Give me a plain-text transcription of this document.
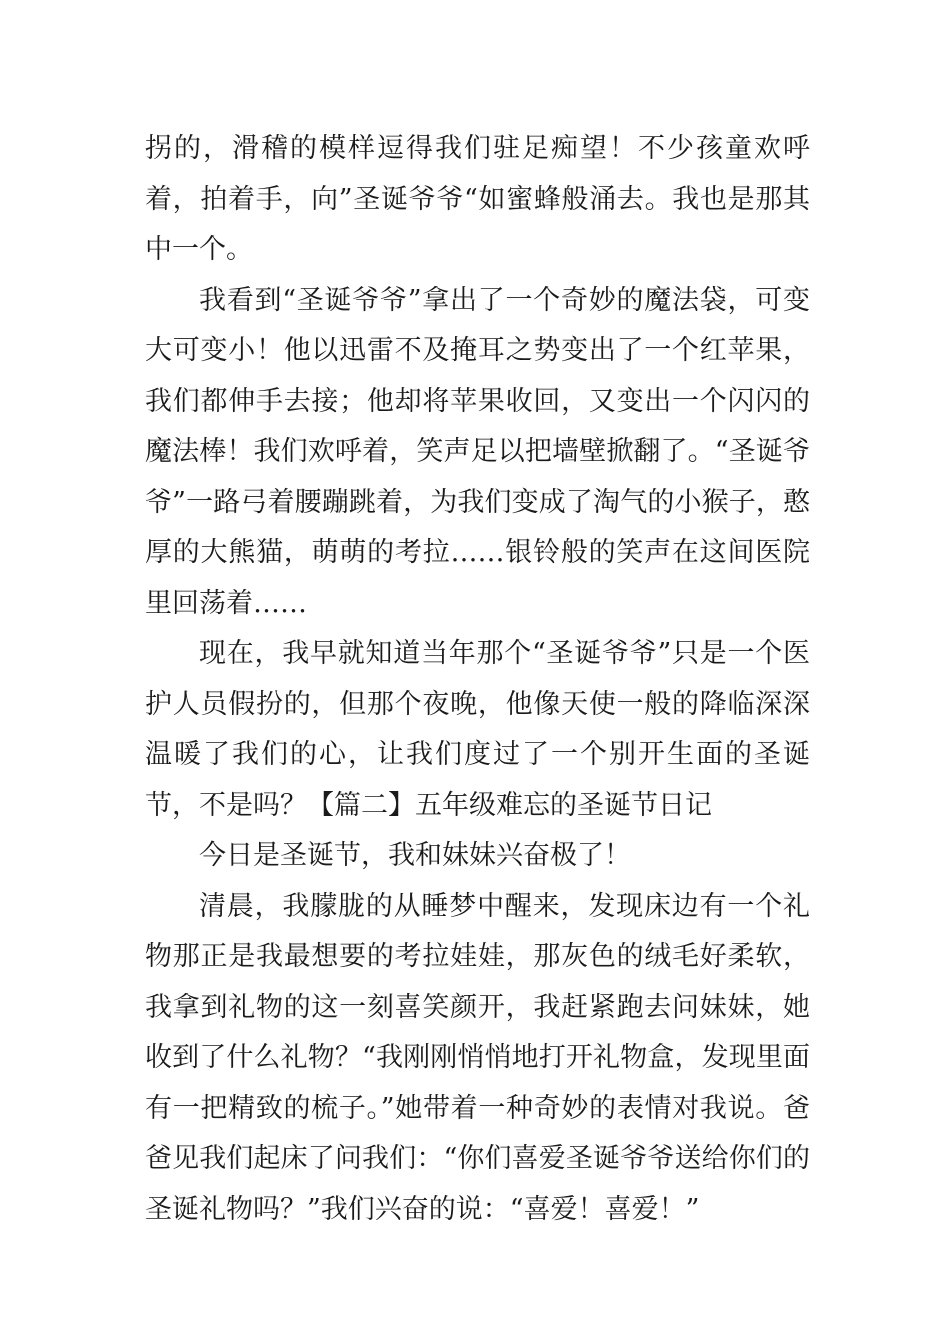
拐的，滑稽的模样逗得我们驻足痴望！不少孩童欢呼着，拍着手，向”圣诞爷爷“如蜜蜂般涌去。我也是那其中一个。

我看到“圣诞爷爷”拿出了一个奇妙的魔法袋，可变大可变小！他以迅雷不及掩耳之势变出了一个红苹果，我们都伸手去接；他却将苹果收回，又变出一个闪闪的魔法棒！我们欢呼着，笑声足以把墙壁掀翻了。“圣诞爷爷”一路弓着腰蹦跳着，为我们变成了淘气的小猴子，憨厚的大熊猫，萌萌的考拉……银铃般的笑声在这间医院里回荡着……

现在，我早就知道当年那个“圣诞爷爷”只是一个医护人员假扮的，但那个夜晚，他像天使一般的降临深深温暖了我们的心，让我们度过了一个别开生面的圣诞节，不是吗？【篇二】五年级难忘的圣诞节日记

今日是圣诞节，我和妹妹兴奋极了！

清晨，我朦胧的从睡梦中醒来，发现床边有一个礼物那正是我最想要的考拉娃娃，那灰色的绒毛好柔软，我拿到礼物的这一刻喜笑颜开，我赶紧跑去问妹妹，她收到了什么礼物？“我刚刚悄悄地打开礼物盒，发现里面有一把精致的梳子。”她带着一种奇妙的表情对我说。爸爸见我们起床了问我们：“你们喜爱圣诞爷爷送给你们的圣诞礼物吗？”我们兴奋的说：“喜爱！喜爱！”
